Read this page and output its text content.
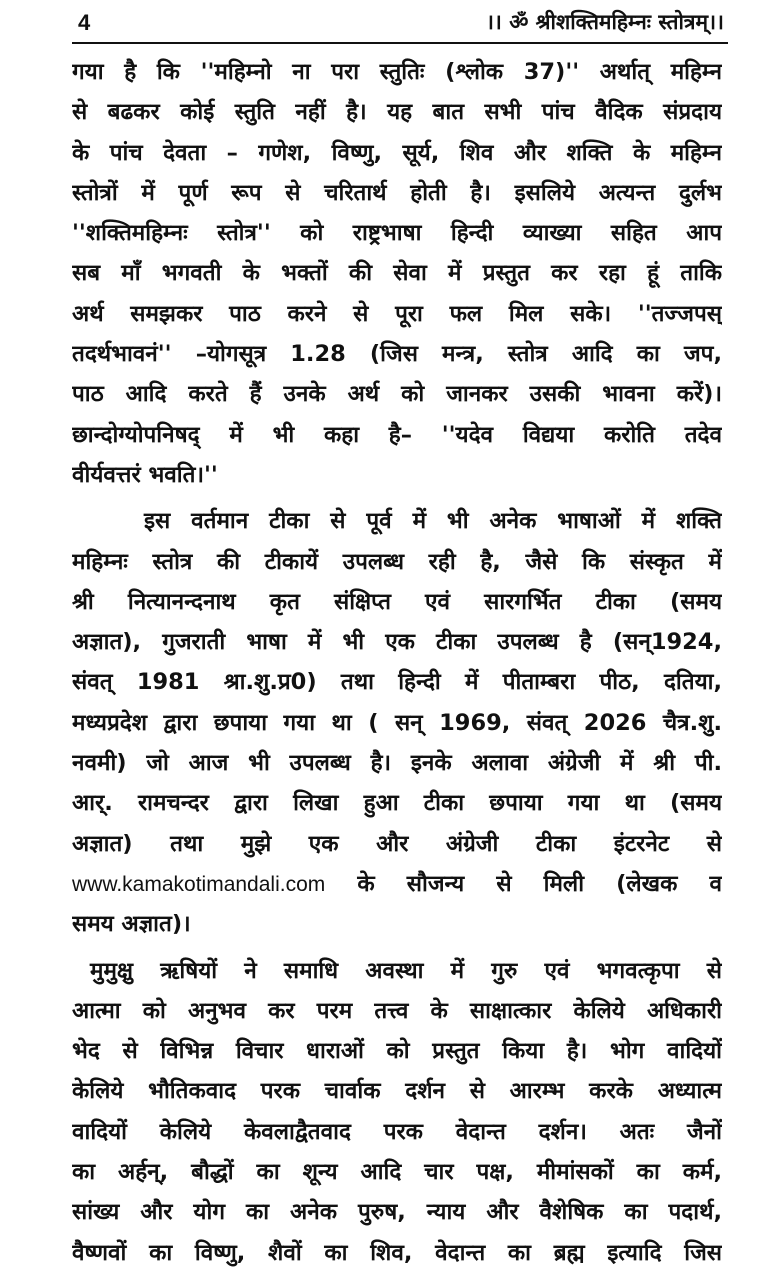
4	।। ॐ श्रीशक्तिमहिम्नः स्तोत्रम्।।
गया है कि ''महिम्नो ना परा स्तुतिः (श्लोक 37)'' अर्थात् महिम्न
से बढकर कोई स्तुति नहीं है। यह बात सभी पांच वैदिक संप्रदाय
के पांच देवता – गणेश, विष्णु, सूर्य, शिव और शक्ति के महिम्न
स्तोत्रों में पूर्ण रूप से चरितार्थ होती है। इसलिये अत्यन्त दुर्लभ
''शक्तिमहिम्नः स्तोत्र'' को राष्ट्रभाषा हिन्दी व्याख्या सहित आप
सब माँ भगवती के भक्तों की सेवा में प्रस्तुत कर रहा हूं ताकि
अर्थ समझकर पाठ करने से पूरा फल मिल सके। ''तज्जपस्
तदर्थभावनं'' –योगसूत्र 1.28 (जिस मन्त्र, स्तोत्र आदि का जप,
पाठ आदि करते हैं उनके अर्थ को जानकर उसकी भावना करें)।
छान्दोग्योपनिषद् में भी कहा है– ''यदेव विद्यया करोति तदेव
वीर्यवत्तरं भवति।''
इस वर्तमान टीका से पूर्व में भी अनेक भाषाओं में शक्ति
महिम्नः स्तोत्र की टीकायें उपलब्ध रही है, जैसे कि संस्कृत में
श्री नित्यानन्दनाथ कृत संक्षिप्त एवं सारगर्भित टीका (समय
अज्ञात), गुजराती भाषा में भी एक टीका उपलब्ध है (सन्1924,
संवत् 1981 श्रा.शु.प्र0) तथा हिन्दी में पीताम्बरा पीठ, दतिया,
मध्यप्रदेश द्वारा छपाया गया था ( सन् 1969, संवत् 2026 चैत्र.शु.
नवमी) जो आज भी उपलब्ध है। इनके अलावा अंग्रेजी में श्री पी.
आर्. रामचन्दर द्वारा लिखा हुआ टीका छपाया गया था (समय
अज्ञात) तथा मुझे एक और अंग्रेजी टीका इंटरनेट से
www.kamakotimandali.com के सौजन्य से मिली (लेखक व
समय अज्ञात)।
मुमुक्षु ऋषियों ने समाधि अवस्था में गुरु एवं भगवत्कृपा से
आत्मा को अनुभव कर परम तत्त्व के साक्षात्कार केलिये अधिकारी
भेद से विभिन्न विचार धाराओं को प्रस्तुत किया है। भोग वादियों
केलिये भौतिकवाद परक चार्वाक दर्शन से आरम्भ करके अध्यात्म
वादियों केलिये केवलाद्वैतवाद परक वेदान्त दर्शन। अतः जैनों
का अर्हन्, बौद्धों का शून्य आदि चार पक्ष, मीमांसकों का कर्म,
सांख्य और योग का अनेक पुरुष, न्याय और वैशेषिक का पदार्थ,
वैष्णवों का विष्णु, शैवों का शिव, वेदान्त का ब्रह्म इत्यादि जिस
